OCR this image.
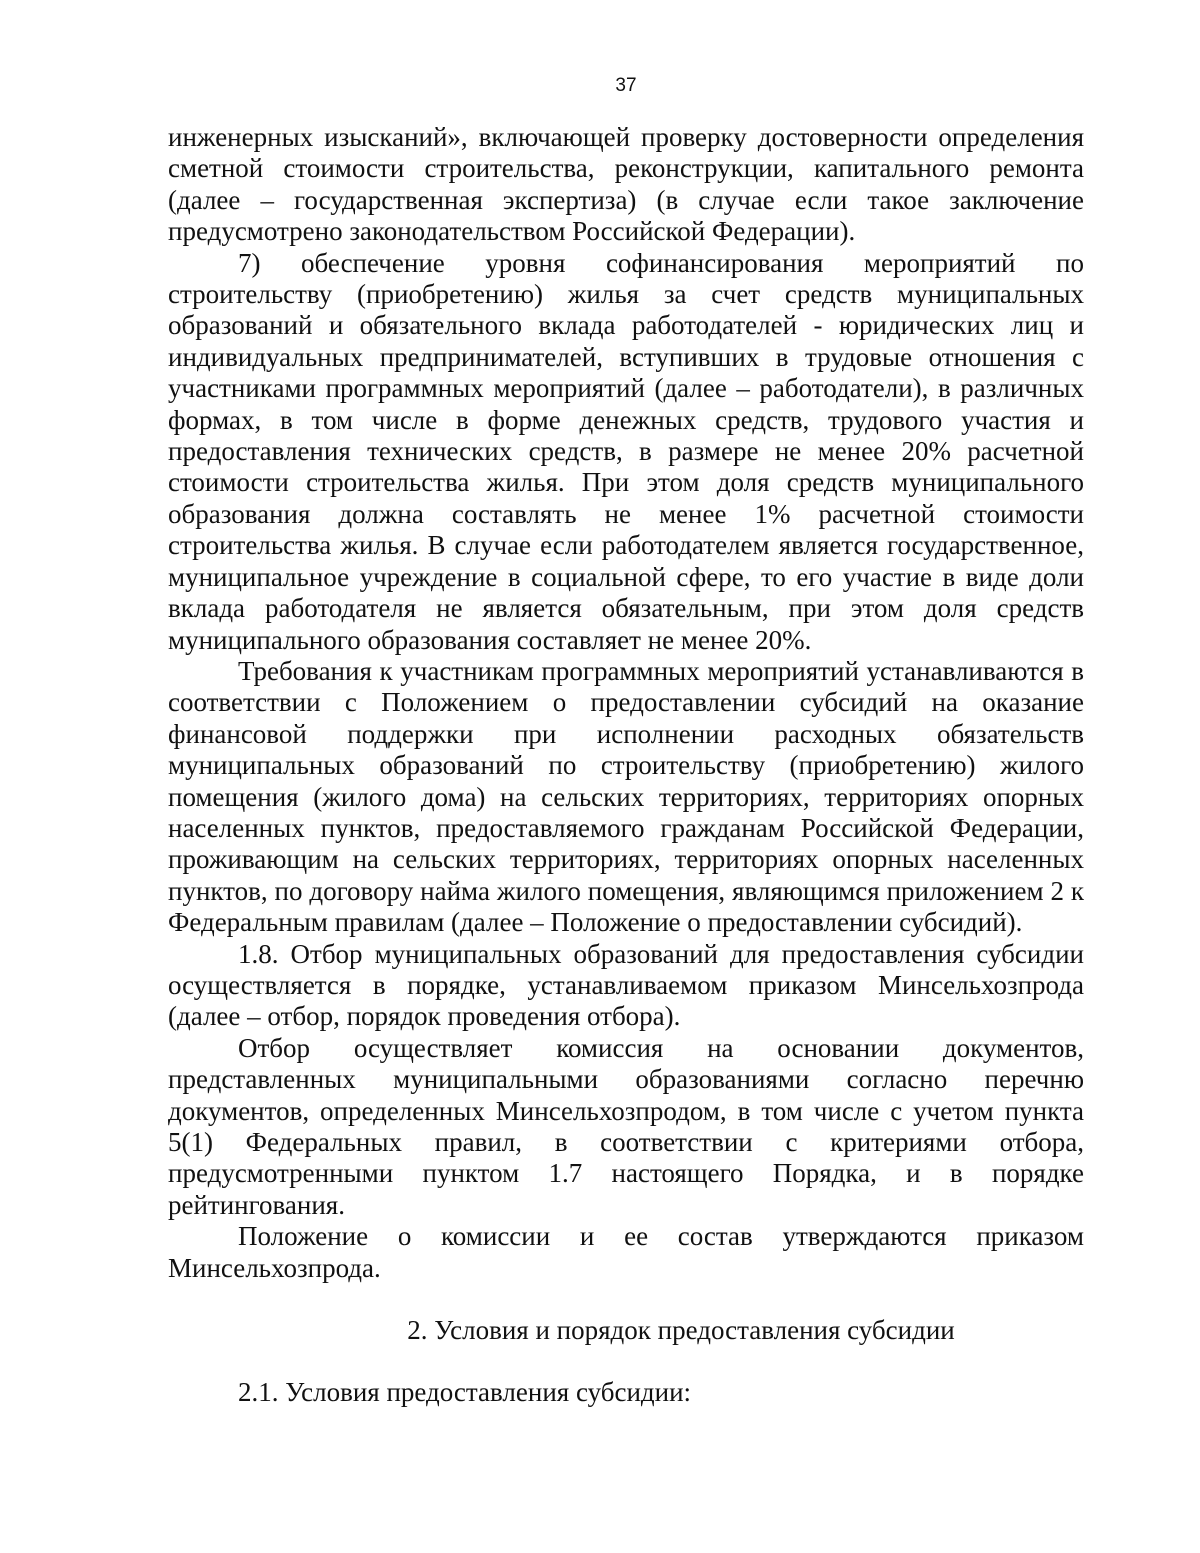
37

инженерных изысканий», включающей проверку достоверности определения сметной стоимости строительства, реконструкции, капитального ремонта (далее – государственная экспертиза) (в случае если такое заключение предусмотрено законодательством Российской Федерации).

7) обеспечение уровня софинансирования мероприятий по строительству (приобретению) жилья за счет средств муниципальных образований и обязательного вклада работодателей - юридических лиц и индивидуальных предпринимателей, вступивших в трудовые отношения с участниками программных мероприятий (далее – работодатели), в различных формах, в том числе в форме денежных средств, трудового участия и предоставления технических средств, в размере не менее 20% расчетной стоимости строительства жилья. При этом доля средств муниципального образования должна составлять не менее 1% расчетной стоимости строительства жилья. В случае если работодателем является государственное, муниципальное учреждение в социальной сфере, то его участие в виде доли вклада работодателя не является обязательным, при этом доля средств муниципального образования составляет не менее 20%.

Требования к участникам программных мероприятий устанавливаются в соответствии с Положением о предоставлении субсидий на оказание финансовой поддержки при исполнении расходных обязательств муниципальных образований по строительству (приобретению) жилого помещения (жилого дома) на сельских территориях, территориях опорных населенных пунктов, предоставляемого гражданам Российской Федерации, проживающим на сельских территориях, территориях опорных населенных пунктов, по договору найма жилого помещения, являющимся приложением 2 к Федеральным правилам (далее – Положение о предоставлении субсидий).

1.8. Отбор муниципальных образований для предоставления субсидии осуществляется в порядке, устанавливаемом приказом Минсельхозпрода (далее – отбор, порядок проведения отбора).

Отбор осуществляет комиссия на основании документов, представленных муниципальными образованиями согласно перечню документов, определенных Минсельхозпродом, в том числе с учетом пункта 5(1) Федеральных правил, в соответствии с критериями отбора, предусмотренными пунктом 1.7 настоящего Порядка, и в порядке рейтингования.

Положение о комиссии и ее состав утверждаются приказом Минсельхозпрода.

2. Условия и порядок предоставления субсидии

2.1. Условия предоставления субсидии:
